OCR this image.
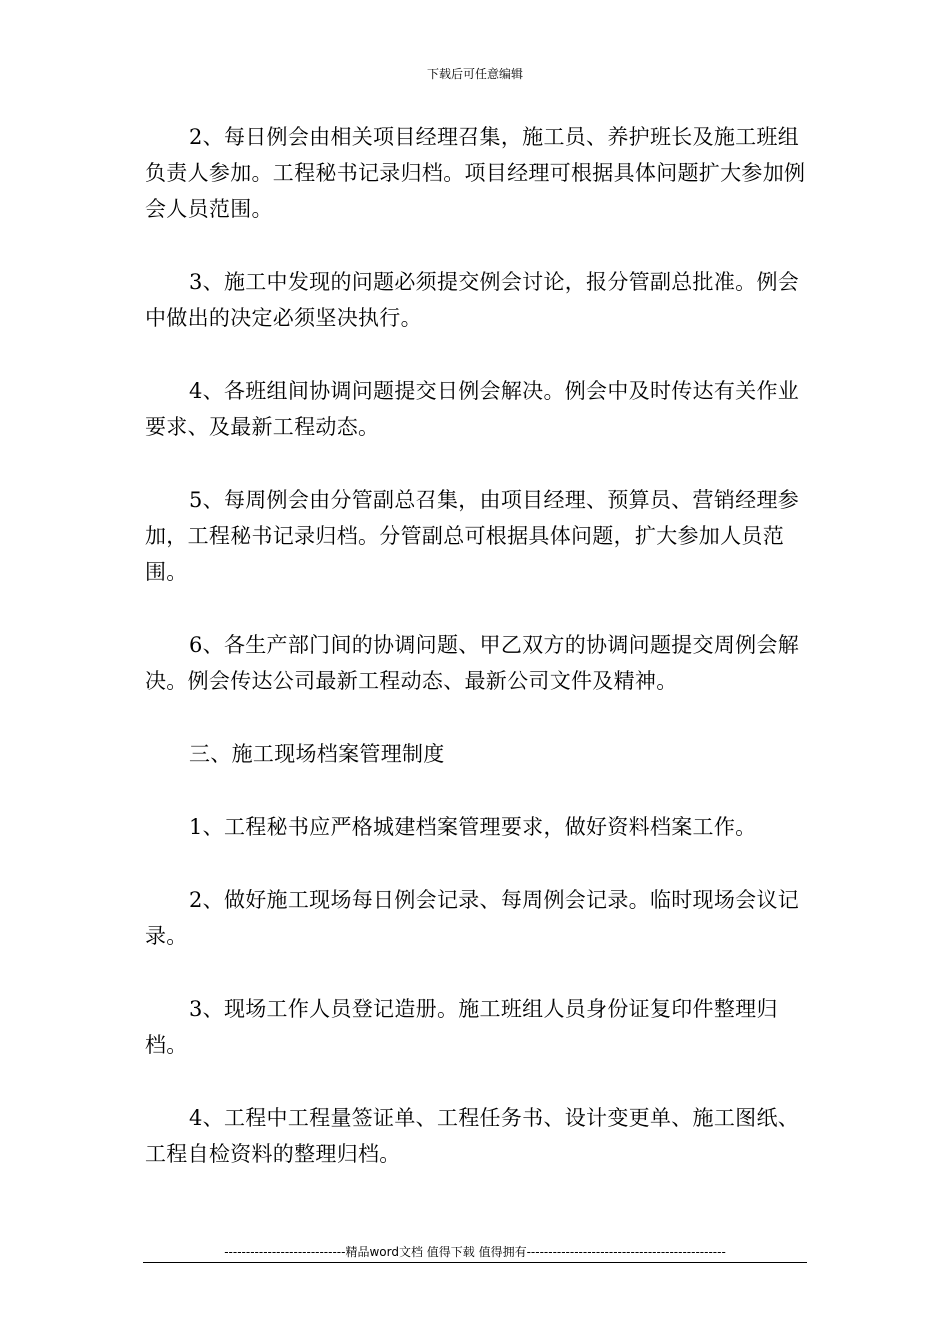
下载后可任意编辑

2、每日例会由相关项目经理召集，施工员、养护班长及施工班组负责人参加。工程秘书记录归档。项目经理可根据具体问题扩大参加例会人员范围。

3、施工中发现的问题必须提交例会讨论，报分管副总批准。例会中做出的决定必须坚决执行。

4、各班组间协调问题提交日例会解决。例会中及时传达有关作业要求、及最新工程动态。

5、每周例会由分管副总召集，由项目经理、预算员、营销经理参加，工程秘书记录归档。分管副总可根据具体问题，扩大参加人员范围。

6、各生产部门间的协调问题、甲乙双方的协调问题提交周例会解决。例会传达公司最新工程动态、最新公司文件及精神。

三、施工现场档案管理制度

1、工程秘书应严格城建档案管理要求，做好资料档案工作。

2、做好施工现场每日例会记录、每周例会记录。临时现场会议记录。

3、现场工作人员登记造册。施工班组人员身份证复印件整理归档。

4、工程中工程量签证单、工程任务书、设计变更单、施工图纸、工程自检资料的整理归档。

----------------------------精品word文档 值得下载 值得拥有----------------------------------------------
